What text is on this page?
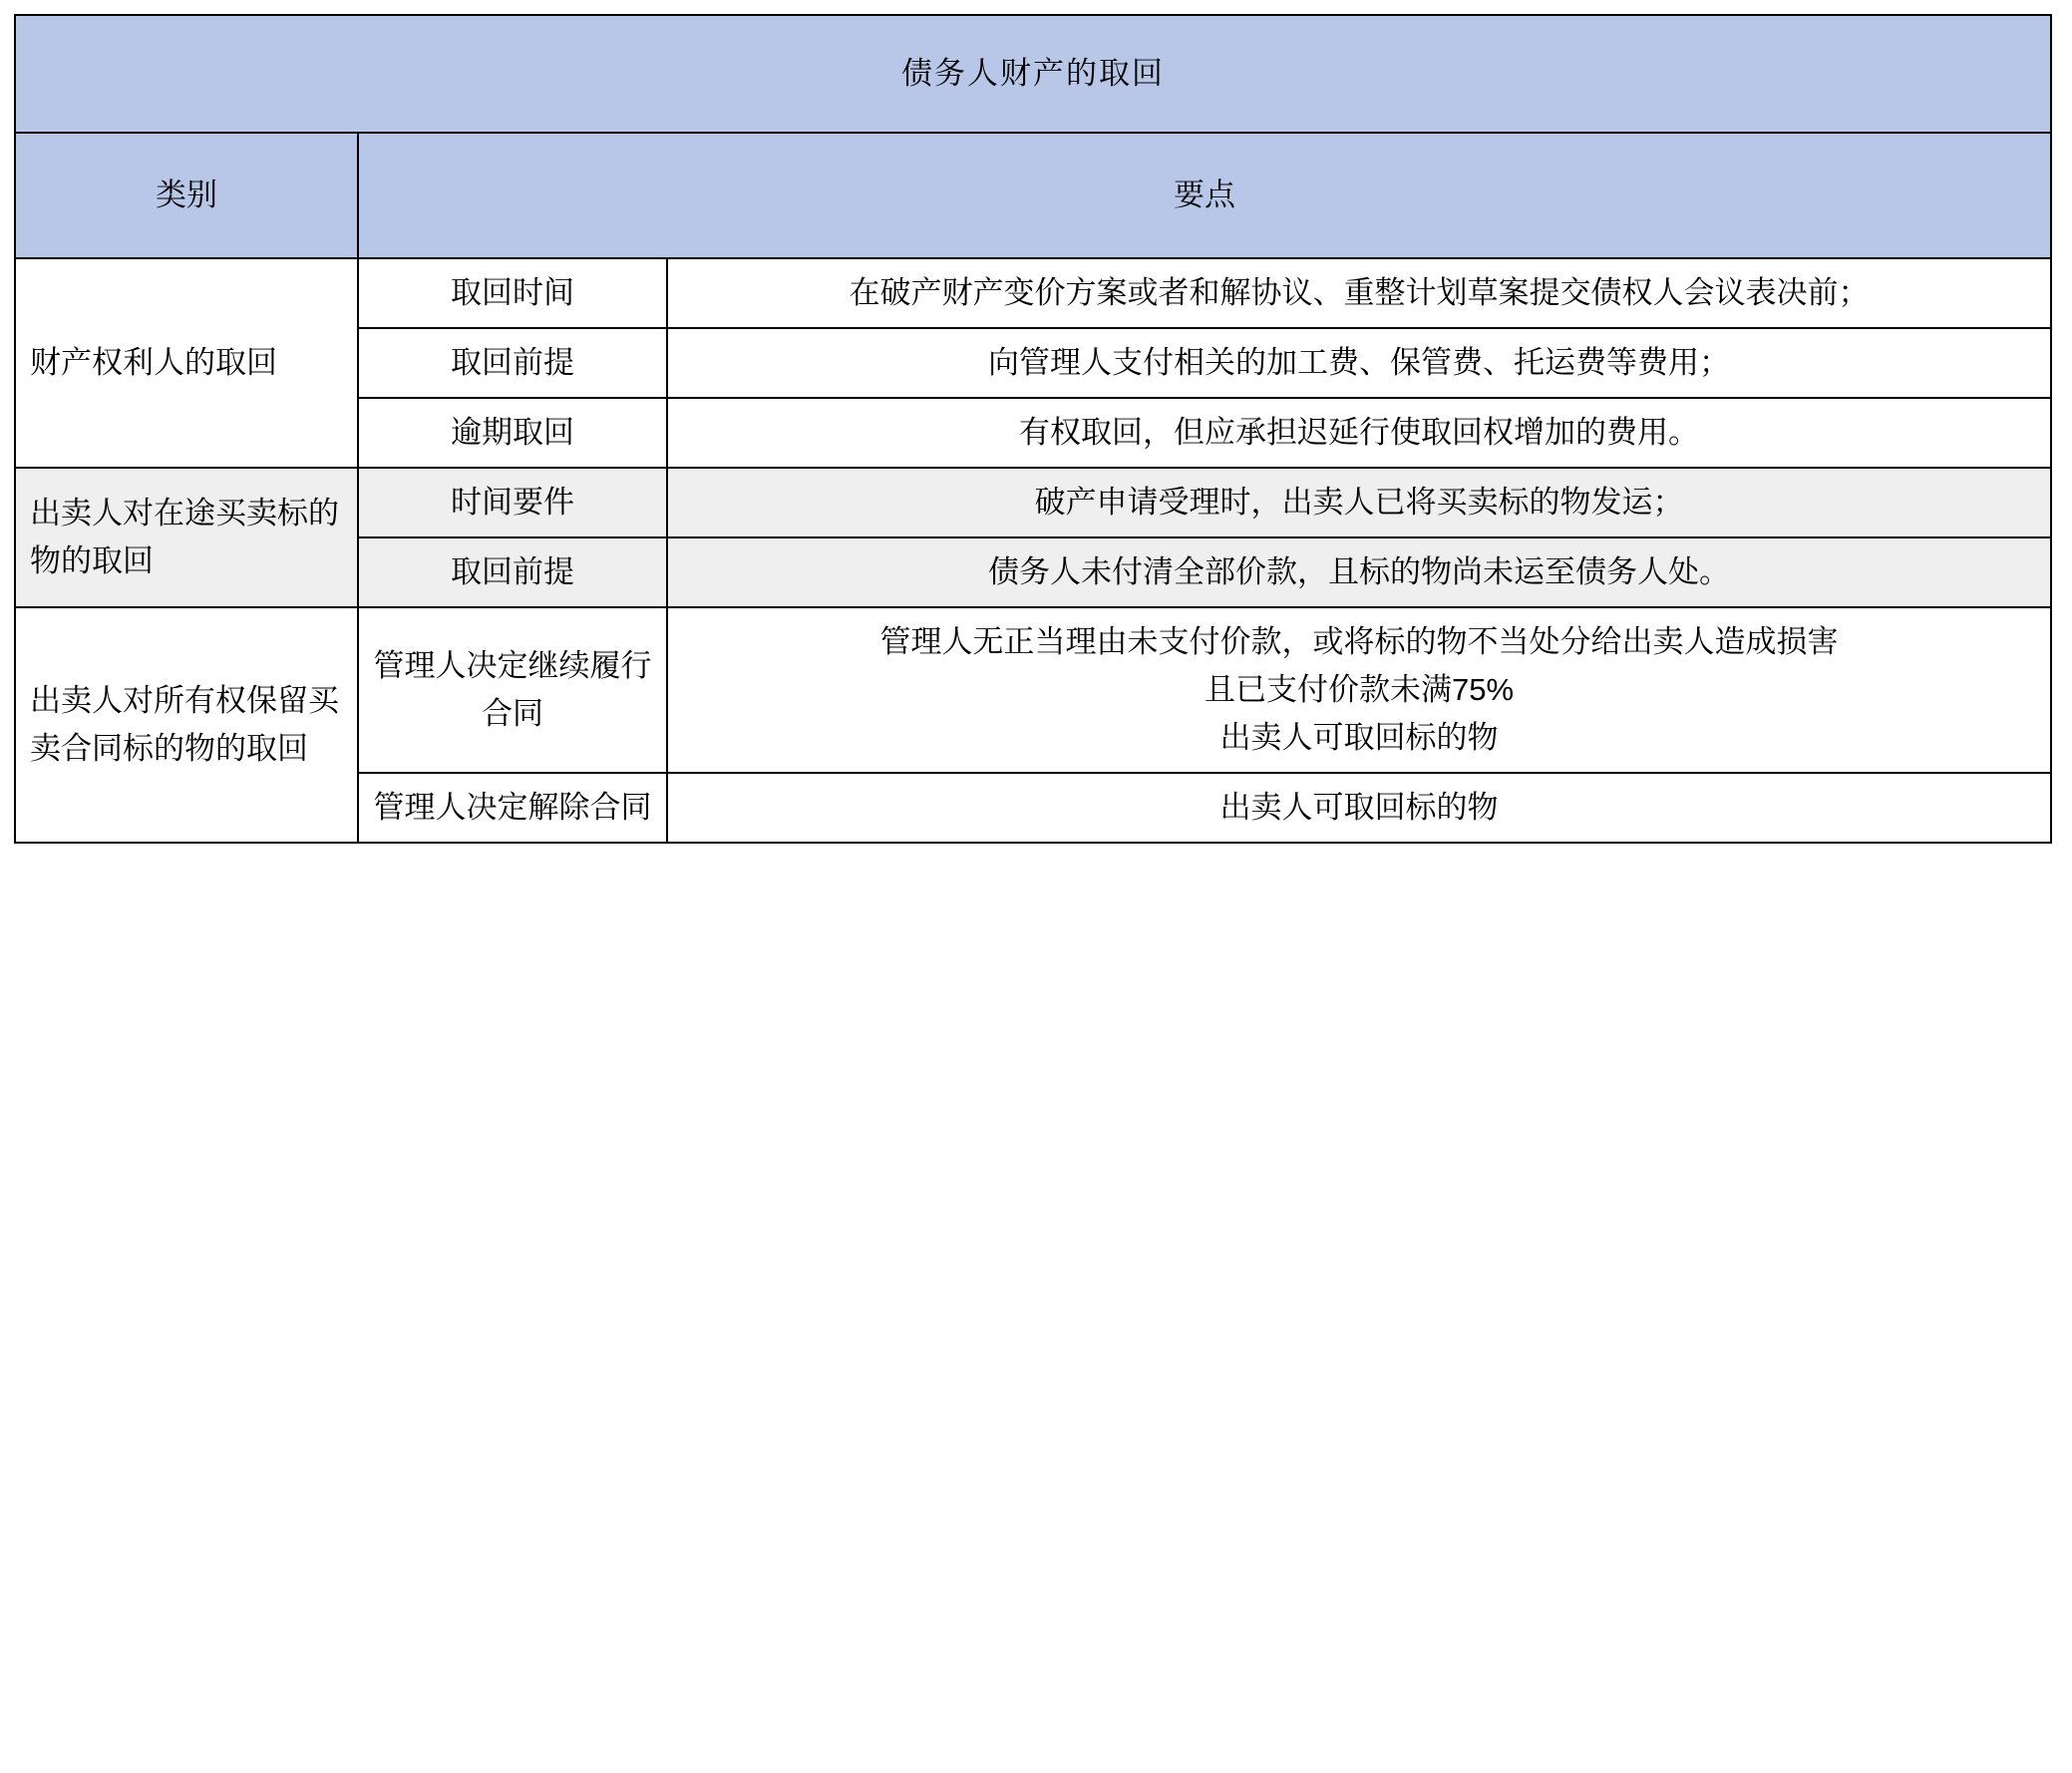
债务人财产的取回		
类别	要点	
财产权利人的取回	取回时间	在破产财产变价方案或者和解协议、重整计划草案提交债权人会议表决前；

	取回前提	向管理人支付相关的加工费、保管费、托运费等费用；

	逾期取回	有权取回，但应承担迟延行使取回权增加的费用。

出卖人对在途买卖标的物的取回	时间要件	破产申请受理时，出卖人已将买卖标的物发运；

	取回前提	债务人未付清全部价款，且标的物尚未运至债务人处。

出卖人对所有权保留买卖合同标的物的取回	管理人决定继续履行合同	管理人无正当理由未支付价款，或将标的物不当处分给出卖人造成损害
且已支付价款未满75%
出卖人可取回标的物

	管理人决定解除合同	出卖人可取回标的物
